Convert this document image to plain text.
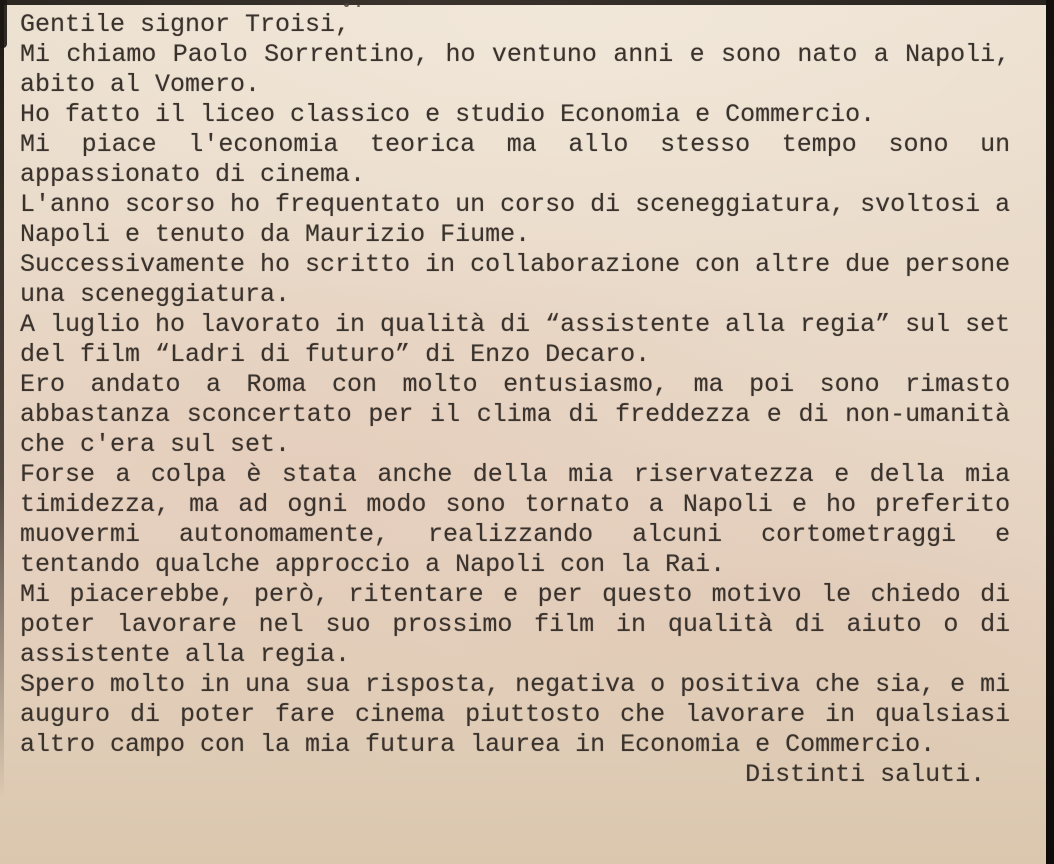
Gentile signor Troisi,

Mi chiamo Paolo Sorrentino, ho ventuno anni e sono nato a Napoli, abito al Vomero.

Ho fatto il liceo classico e studio Economia e Commercio.

Mi piace l'economia teorica ma allo stesso tempo sono un appassionato di cinema.

L'anno scorso ho frequentato un corso di sceneggiatura, svoltosi a Napoli e tenuto da Maurizio Fiume.

Successivamente ho scritto in collaborazione con altre due persone una sceneggiatura.

A luglio ho lavorato in qualità di “assistente alla regia” sul set del film “Ladri di futuro” di Enzo Decaro.

Ero andato a Roma con molto entusiasmo, ma poi sono rimasto abbastanza sconcertato per il clima di freddezza e di non-umanità che c'era sul set.

Forse a colpa è stata anche della mia riservatezza e della mia timidezza, ma ad ogni modo sono tornato a Napoli e ho preferito muovermi autonomamente, realizzando alcuni cortometraggi e tentando qualche approccio a Napoli con la Rai.

Mi piacerebbe, però, ritentare e per questo motivo le chiedo di poter lavorare nel suo prossimo film in qualità di aiuto o di assistente alla regia.

Spero molto in una sua risposta, negativa o positiva che sia, e mi auguro di poter fare cinema piuttosto che lavorare in qualsiasi altro campo con la mia futura laurea in Economia e Commercio.

Distinti saluti.
